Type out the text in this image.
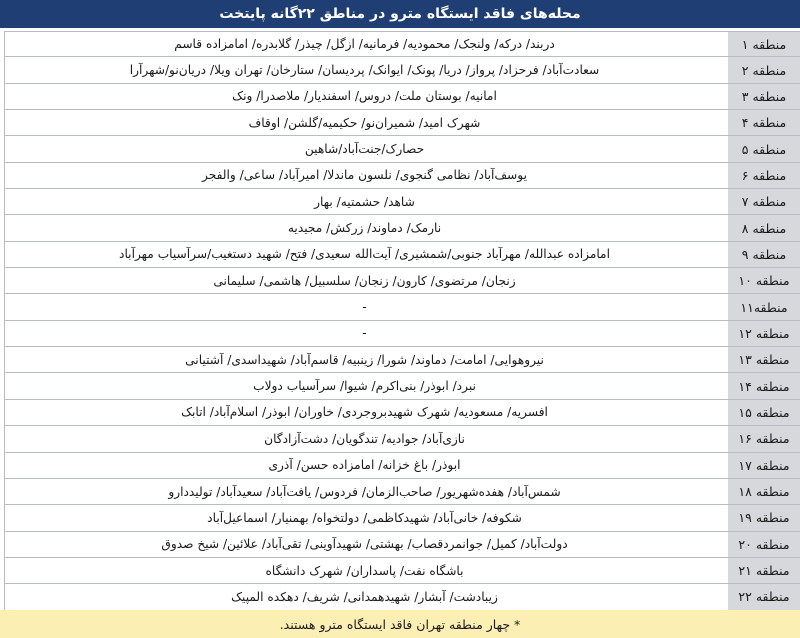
محله‌های فاقد ایستگاه مترو در مناطق ۲۲گانه پایتخت
منطقه ۱
دربند/ درکه/ ولنجک/ محمودیه/ فرمانیه/ ازگل/ چیذر/ گلابدره/ امامزاده قاسم
منطقه ۲
سعادت‌آباد/ فرحزاد/ پرواز/ دریا/ پونک/ ایوانک/ پردیسان/ ستارخان/ تهران ویلا/ دریان‌نو/شهرآرا
منطقه ۳
امانیه/ بوستان ملت/ دروس/ اسفندیار/ ملاصدرا/ ونک
منطقه ۴
شهرک امید/ شمیران‌نو/ حکیمیه/گلشن/ اوقاف
منطقه ۵
حصارک/جنت‌آباد/شاهین
منطقه ۶
یوسف‌آباد/ نظامی گنجوی/ نلسون ماندلا/ امیرآباد/ ساعی/ والفجر
منطقه ۷
شاهد/ حشمتیه/ بهار
منطقه ۸
نارمک/ دماوند/ زرکش/ مجیدیه
منطقه ۹
امامزاده عبدالله/ مهرآباد جنوبی/شمشیری/ آیت‌الله سعیدی/ فتح/ شهید دستغیب/سرآسیاب مهرآباد
منطقه ۱۰
زنجان/ مرتضوی/ کارون/ زنجان/ سلسبیل/ هاشمی/ سلیمانی
منطقه۱۱
-
منطقه ۱۲
-
منطقه ۱۳
نیروهوایی/ امامت/ دماوند/ شورا/ زینبیه/ قاسم‌آباد/ شهیداسدی/ آشتیانی
منطقه ۱۴
نبرد/ ابوذر/ بنی‌اکرم/ شیوا/ سرآسیاب دولاب
منطقه ۱۵
افسریه/ مسعودیه/ شهرک شهیدبروجردی/ خاوران/ ابوذر/ اسلام‌آباد/ اتابک
منطقه ۱۶
نازی‌آباد/ جوادیه/ تندگویان/ دشت‌آزادگان
منطقه ۱۷
ابوذر/ باغ خزانه/ امامزاده حسن/ آذری
منطقه ۱۸
شمس‌آباد/ هفده‌شهریور/ صاحب‌الزمان/ فردوس/ یافت‌آباد/ سعیدآباد/ تولیددارو
منطقه ۱۹
شکوفه/ خانی‌آباد/ شهیدکاظمی/ دولتخواه/ بهمنیار/ اسماعیل‌آباد
منطقه ۲۰
دولت‌آباد/ کمیل/ جوانمردقصاب/ بهشتی/ شهیدآوینی/ تقی‌آباد/ علائین/ شیخ صدوق
منطقه ۲۱
باشگاه نفت/ پاسداران/ شهرک دانشگاه
منطقه ۲۲
زیبادشت/ آبشار/ شهیدهمدانی/ شریف/ دهکده المپیک
* چهار منطقه تهران فاقد ایستگاه مترو هستند.
